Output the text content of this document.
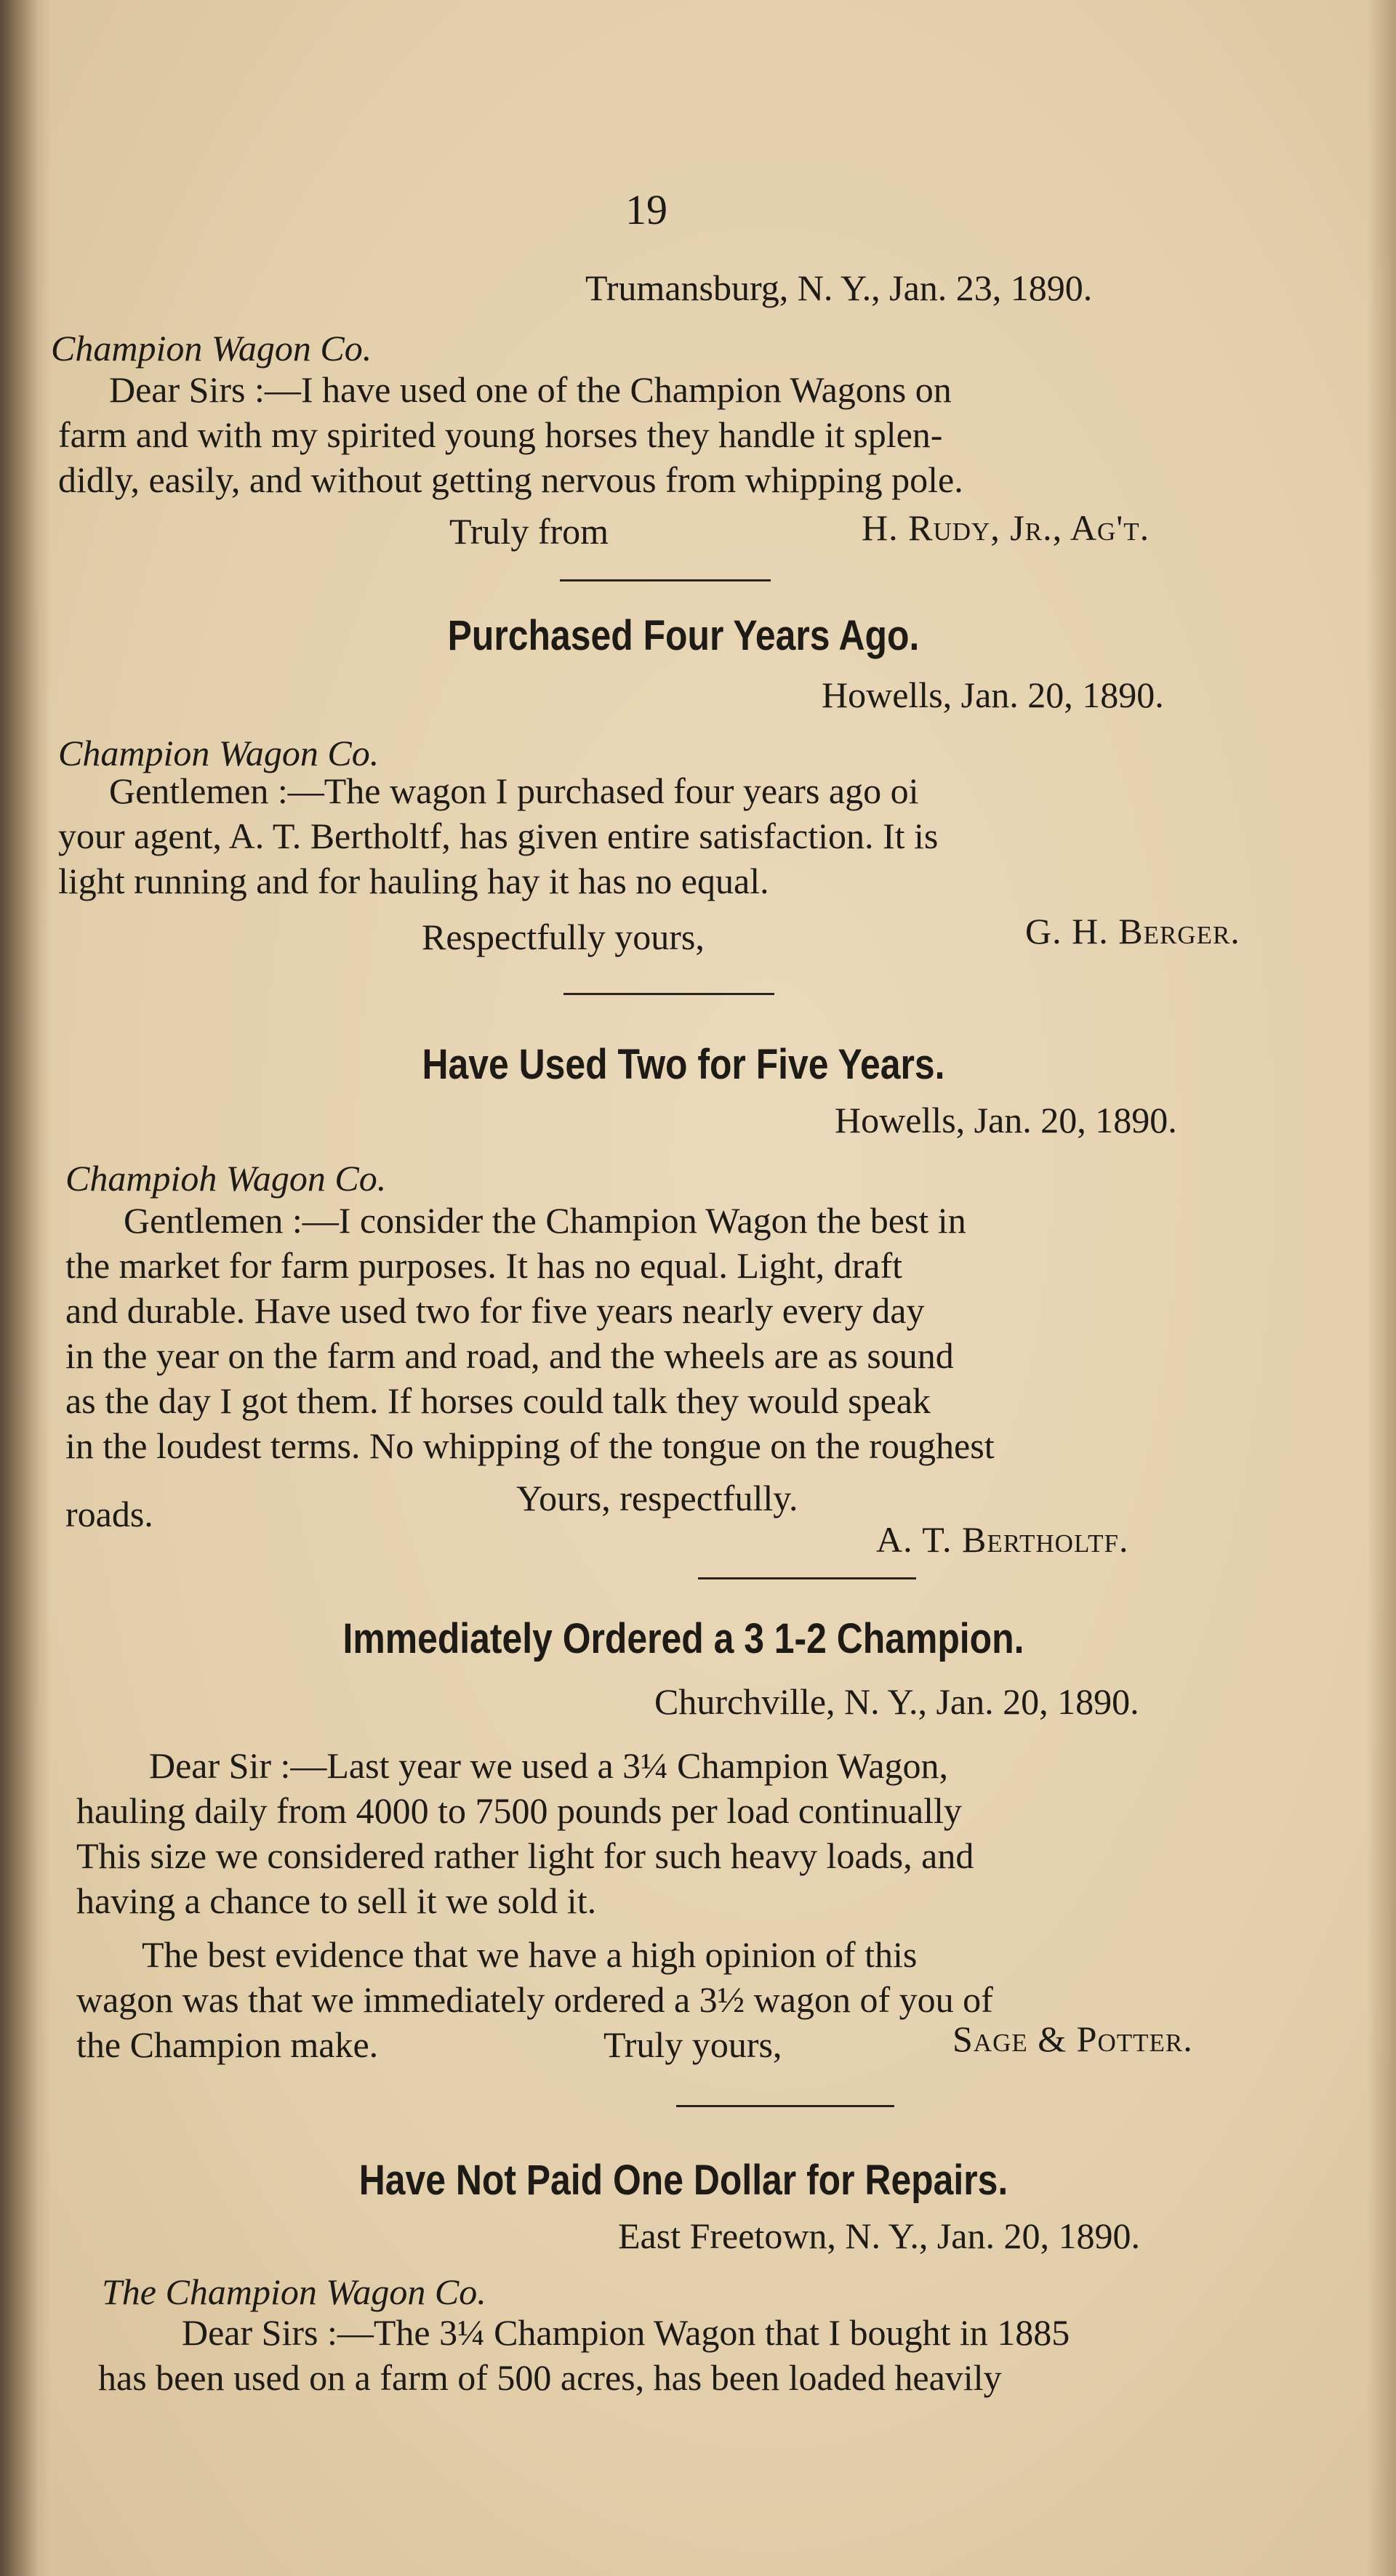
19
Trumansburg, N. Y., Jan. 23, 1890.
Champion Wagon Co.
Dear Sirs :—I have used one of the Champion Wagons on
farm and with my spirited young horses they handle it splen-
didly, easily, and without getting nervous from whipping pole.
Truly from	H. Rudy, Jr., Ag't.
Purchased Four Years Ago.
Howells, Jan. 20, 1890.
Champion Wagon Co.
Gentlemen :—The wagon I purchased four years ago oi
your agent, A. T. Bertholtf, has given entire satisfaction. It is
light running and for hauling hay it has no equal.
Respectfully yours,	G. H. Berger.
Have Used Two for Five Years.
Howells, Jan. 20, 1890.
Champioh Wagon Co.
Gentlemen :—I consider the Champion Wagon the best in
the market for farm purposes. It has no equal. Light, draft
and durable. Have used two for five years nearly every day
in the year on the farm and road, and the wheels are as sound
as the day I got them. If horses could talk they would speak
in the loudest terms. No whipping of the tongue on the roughest
roads.	Yours, respectfully.
A. T. Bertholtf.
Immediately Ordered a 3 1-2 Champion.
Churchville, N. Y., Jan. 20, 1890.
Dear Sir :—Last year we used a 3¼ Champion Wagon,
hauling daily from 4000 to 7500 pounds per load continually
This size we considered rather light for such heavy loads, and
having a chance to sell it we sold it.
The best evidence that we have a high opinion of this
wagon was that we immediately ordered a 3½ wagon of you of
the Champion make.	Truly yours,	Sage & Potter.
Have Not Paid One Dollar for Repairs.
East Freetown, N. Y., Jan. 20, 1890.
The Champion Wagon Co.
Dear Sirs :—The 3¼ Champion Wagon that I bought in 1885
has been used on a farm of 500 acres, has been loaded heavily
